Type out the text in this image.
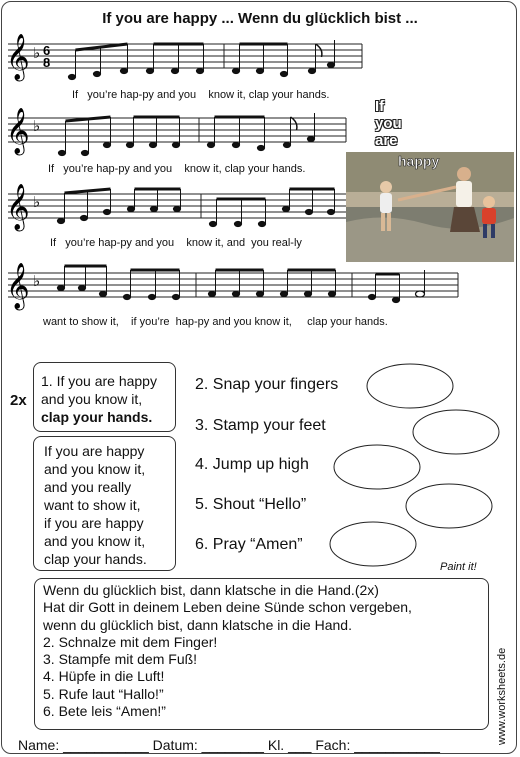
If you are happy ... Wenn du glücklich bist ...
𝄞 ♭ 6
8
𝄞 ♭
𝄞 ♭
𝄞 ♭
If   you’re hap-py and you    know it, clap your hands.
If   you’re hap-py and you    know it, clap your hands.
If   you’re hap-py and you    know it, and  you real-ly
want to show it,    if you’re  hap-py and you know it,     clap your hands.
If
you
are
happy
2x
1. If you are happy
and you know it,
clap your hands.
If you are happy
and you know it,
and you really
want to show it,
if you are happy
and you know it,
clap your hands.
2. Snap your fingers
3. Stamp your feet
4. Jump up high
5. Shout “Hello”
6. Pray “Amen”
Paint it!
Wenn du glücklich bist, dann klatsche in die Hand.(2x)
Hat dir Gott in deinem Leben deine Sünde schon vergeben,
wenn du glücklich bist, dann klatsche in die Hand.
2. Schnalze mit dem Finger!
3. Stampfe mit dem Fuß!
4. Hüpfe in die Luft!
5. Rufe laut “Hallo!”
6. Bete leis “Amen!”	www.worksheets.de
Name: ___________ Datum: ________ Kl. ___ Fach: ___________
